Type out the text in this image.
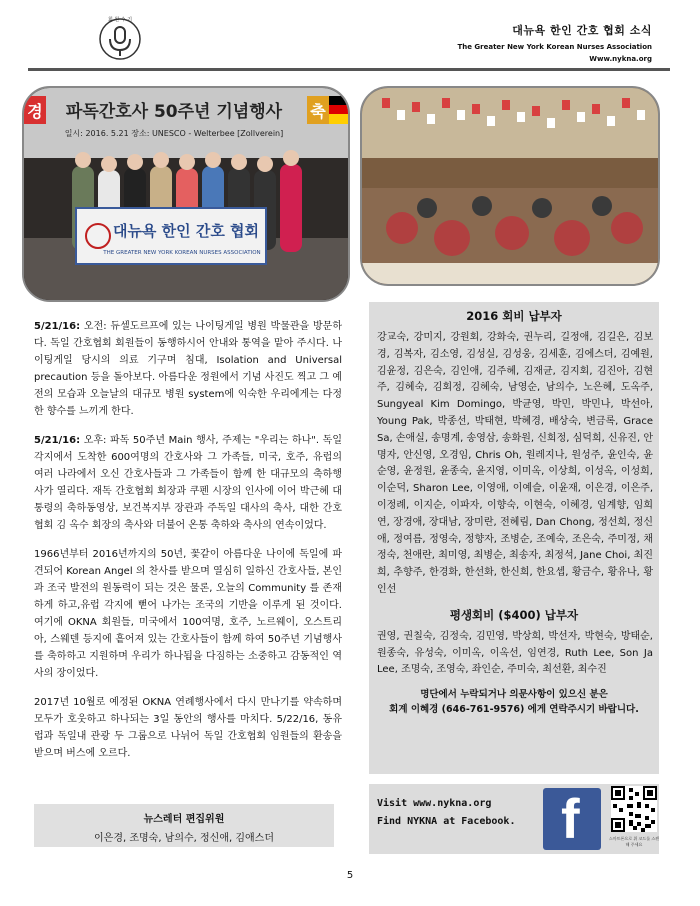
회 원 수 기
대뉴욕 한인 간호 협회 소식
The Greater New York Korean Nurses Association
Www.nykna.org
경 파독간호사 50주년 기념행사 축
일시: 2016. 5.21 장소: UNESCO - Welterbee [Zollverein]
대뉴욕 한인 간호 협회
THE GREATER NEW YORK KOREAN NURSES ASSOCIATION

5/21/16: 오전: 듀셀도르프에 있는 나이팅게일 병원 박물관을 방문하다. 독일 간호협회 회원들이 동행하시어 안내와 통역을 맡아 주시다. 나이팅게일 당시의 의료 기구며 침대, Isolation and Universal precaution 등을 돌아보다. 아름다운 정원에서 기념 사진도 찍고 그 예전의 모습과 오늘날의 대규모 병원 system에 익숙한 우리에게는 다정한 향수를 느끼게 한다.

5/21/16: 오후: 파독 50주년 Main 행사, 주제는 "우리는 하나". 독일 각지에서 도착한 600여명의 간호사와 그 가족들, 미국, 호주, 유럽의 여러 나라에서 오신 간호사들과 그 가족들이 함께 한 대규모의 축하행사가 열리다. 재독 간호협회 회장과 쿠펜 시장의 인사에 이어 박근혜 대통령의 축하동영상, 보건복지부 장관과 주독일 대사의 축사, 대한 간호협회 김 옥수 회장의 축사와 더불어 온통 축하와 축사의 연속이었다.

1966년부터 2016년까지의 50년, 꽃같이 아름다운 나이에 독일에 파견되어 Korean Angel 의 찬사를 받으며 열심히 일하신 간호사들, 본인과 조국 발전의 원동력이 되는 것은 물론, 오늘의 Community 를 존재하게 하고,유럽 각지에 뻗어 나가는 조국의 기반을 이루게 된 것이다. 여기에 OKNA 회원들, 미국에서 100여명, 호주, 노르웨이, 오스트리아, 스웨덴 등지에 흩어져 있는 간호사들이 함께 하여 50주년 기념행사를 축하하고 지원하며 우리가 하나됨을 다짐하는 소중하고 감동적인 역사의 장이었다.

2017년 10월로 예정된 OKNA 연례행사에서 다시 만나기를 약속하며 모두가 호웃하고 하나되는 3일 동안의 행사를 마치다. 5/22/16, 동유럽과 독일내 관광 두 그룹으로 나뉘어 독일 간호협회 임원들의 환송을 받으며 버스에 오르다.

뉴스레터 편집위원
이은경, 조명숙, 남의수, 정신애, 김애스더
2016 회비 납부자
강교숙, 강미지, 강원회, 강화숙, 권누리, 길정애, 김길은, 김보경, 김복자, 김소영, 김성실, 김성웅, 김세훈, 김에스더, 김예원, 김윤정, 김은숙, 김인애, 김주혜, 김재균, 김지회, 김진아, 김현주, 김혜숙, 김회정, 김혜숙, 남영순, 남의수, 노은혜, 도옥주, Sungyeal Kim Domingo, 박균영, 박민, 박민나, 박선아, Young Pak, 박종선, 박태현, 박혜경, 배상숙, 변금록, Grace Sa, 손애실, 송명계, 송영삼, 송화원, 신희정, 심덕희, 신유진, 안명자, 안신영, 오경임, Chris Oh, 원레지나, 원성주, 윤인숙, 윤순영, 윤정원, 윤종숙, 윤지영, 이미옥, 이상희, 이성옥, 이성희, 이순덕, Sharon Lee, 이영애, 이예슬, 이윤재, 이은경, 이은주, 이정례, 이지순, 이파자, 이향숙, 이현숙, 이혜경, 임계향, 임희연, 장경애, 장대남, 장미란, 전혜림, Dan Chong, 정선희, 정신애, 정여름, 정영숙, 정향자, 조병순, 조예숙, 조은숙, 주미정, 채정숙, 천애란, 최미영, 최병순, 최송자, 최정석, Jane Choi, 최진희, 추향주, 한경화, 한선화, 한신희, 한요셉, 황금수, 황유나, 황인선
평생회비 ($400) 납부자
권영, 권칠숙, 김정숙, 김민영, 박상희, 박선자, 박현숙, 방태순, 원종숙, 유성숙, 이미옥, 이옥선, 임연경, Ruth Lee, Son Ja Lee, 조명숙, 조영숙, 좌인순, 주미숙, 최선환, 최수진
명단에서 누락되거나 의문사항이 있으신 분은
회계 이혜경 (646-761-9576) 에게 연락주시기 바랍니다.
Visit www.nykna.org
Find NYKNA at Facebook. f	스마트폰으로 위 코드를 스캔해 주세요
5
